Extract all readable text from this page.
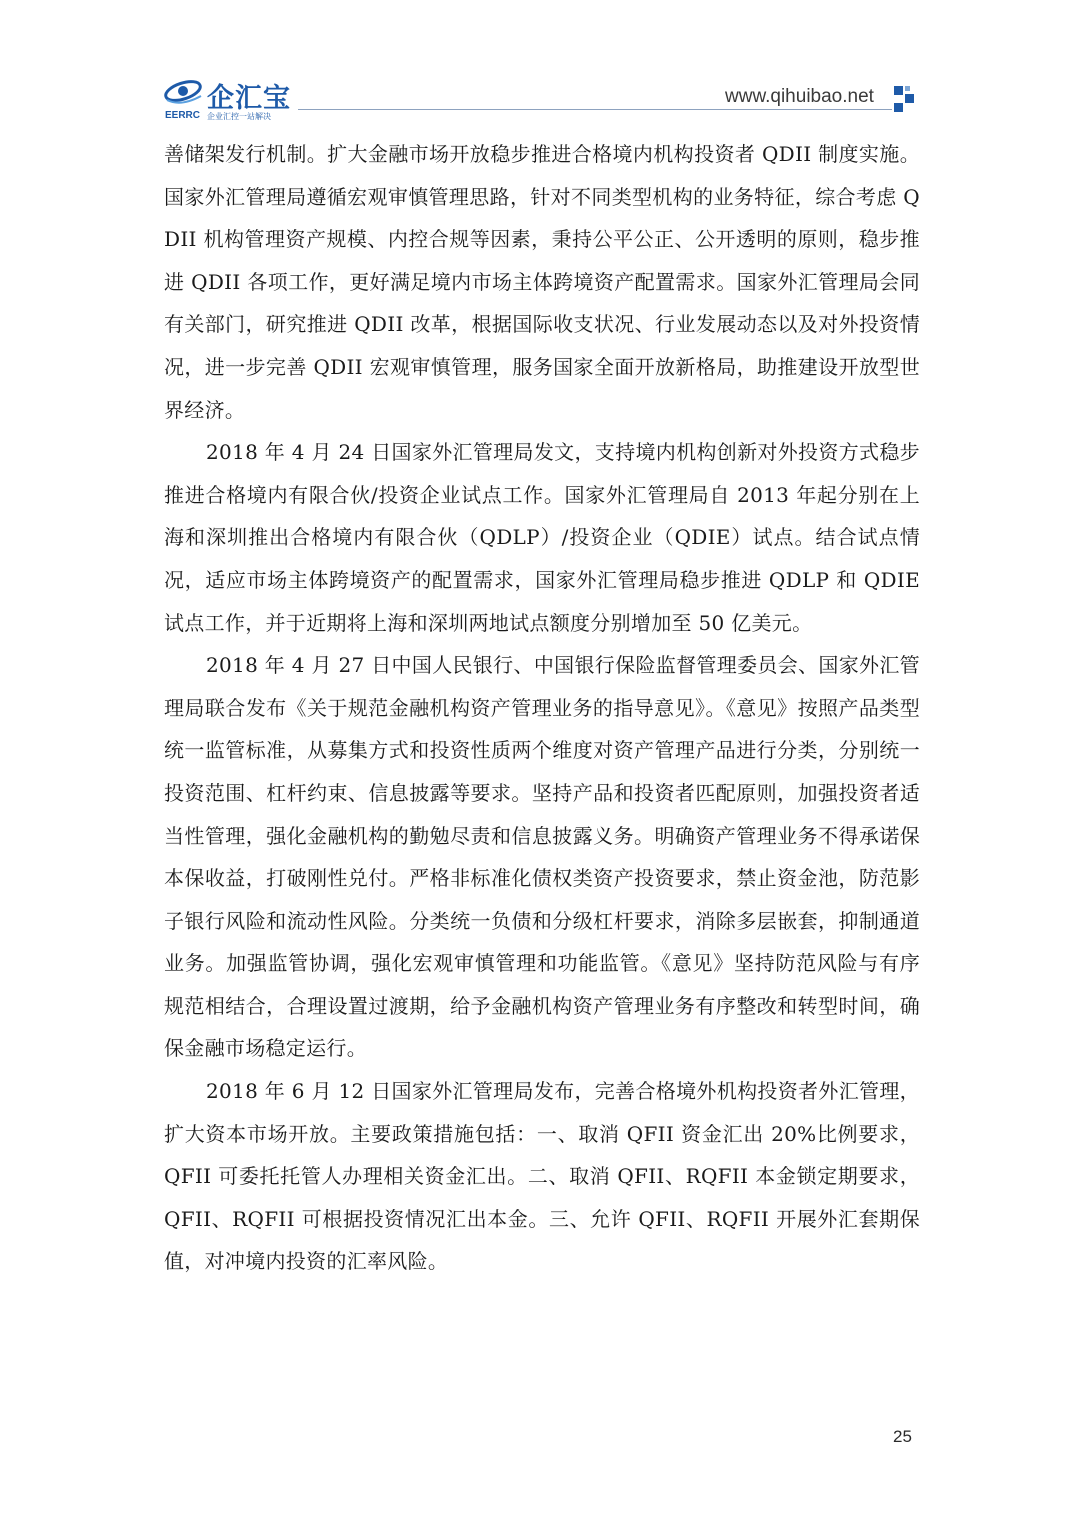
企汇宝
EERRC 企业汇控一站解决
www.qihuibao.net

善储架发行机制。扩大金融市场开放稳步推进合格境内机构投资者 QDII 制度实施。国家外汇管理局遵循宏观审慎管理思路，针对不同类型机构的业务特征，综合考虑 QDII 机构管理资产规模、内控合规等因素，秉持公平公正、公开透明的原则，稳步推进 QDII 各项工作，更好满足境内市场主体跨境资产配置需求。国家外汇管理局会同有关部门，研究推进 QDII 改革，根据国际收支状况、行业发展动态以及对外投资情况，进一步完善 QDII 宏观审慎管理，服务国家全面开放新格局，助推建设开放型世界经济。

2018 年 4 月 24 日国家外汇管理局发文，支持境内机构创新对外投资方式稳步推进合格境内有限合伙/投资企业试点工作。国家外汇管理局自 2013 年起分别在上海和深圳推出合格境内有限合伙（QDLP）/投资企业（QDIE）试点。结合试点情况，适应市场主体跨境资产的配置需求，国家外汇管理局稳步推进 QDLP 和 QDIE 试点工作，并于近期将上海和深圳两地试点额度分别增加至 50 亿美元。

2018 年 4 月 27 日中国人民银行、中国银行保险监督管理委员会、国家外汇管理局联合发布《关于规范金融机构资产管理业务的指导意见》。《意见》按照产品类型统一监管标准，从募集方式和投资性质两个维度对资产管理产品进行分类，分别统一投资范围、杠杆约束、信息披露等要求。坚持产品和投资者匹配原则，加强投资者适当性管理，强化金融机构的勤勉尽责和信息披露义务。明确资产管理业务不得承诺保本保收益，打破刚性兑付。严格非标准化债权类资产投资要求，禁止资金池，防范影子银行风险和流动性风险。分类统一负债和分级杠杆要求，消除多层嵌套，抑制通道业务。加强监管协调，强化宏观审慎管理和功能监管。《意见》坚持防范风险与有序规范相结合，合理设置过渡期，给予金融机构资产管理业务有序整改和转型时间，确保金融市场稳定运行。

2018 年 6 月 12 日国家外汇管理局发布，完善合格境外机构投资者外汇管理，扩大资本市场开放。主要政策措施包括：一、取消 QFII 资金汇出 20%比例要求，QFII 可委托托管人办理相关资金汇出。二、取消 QFII、RQFII 本金锁定期要求，QFII、RQFII 可根据投资情况汇出本金。三、允许 QFII、RQFII 开展外汇套期保值，对冲境内投资的汇率风险。

25
